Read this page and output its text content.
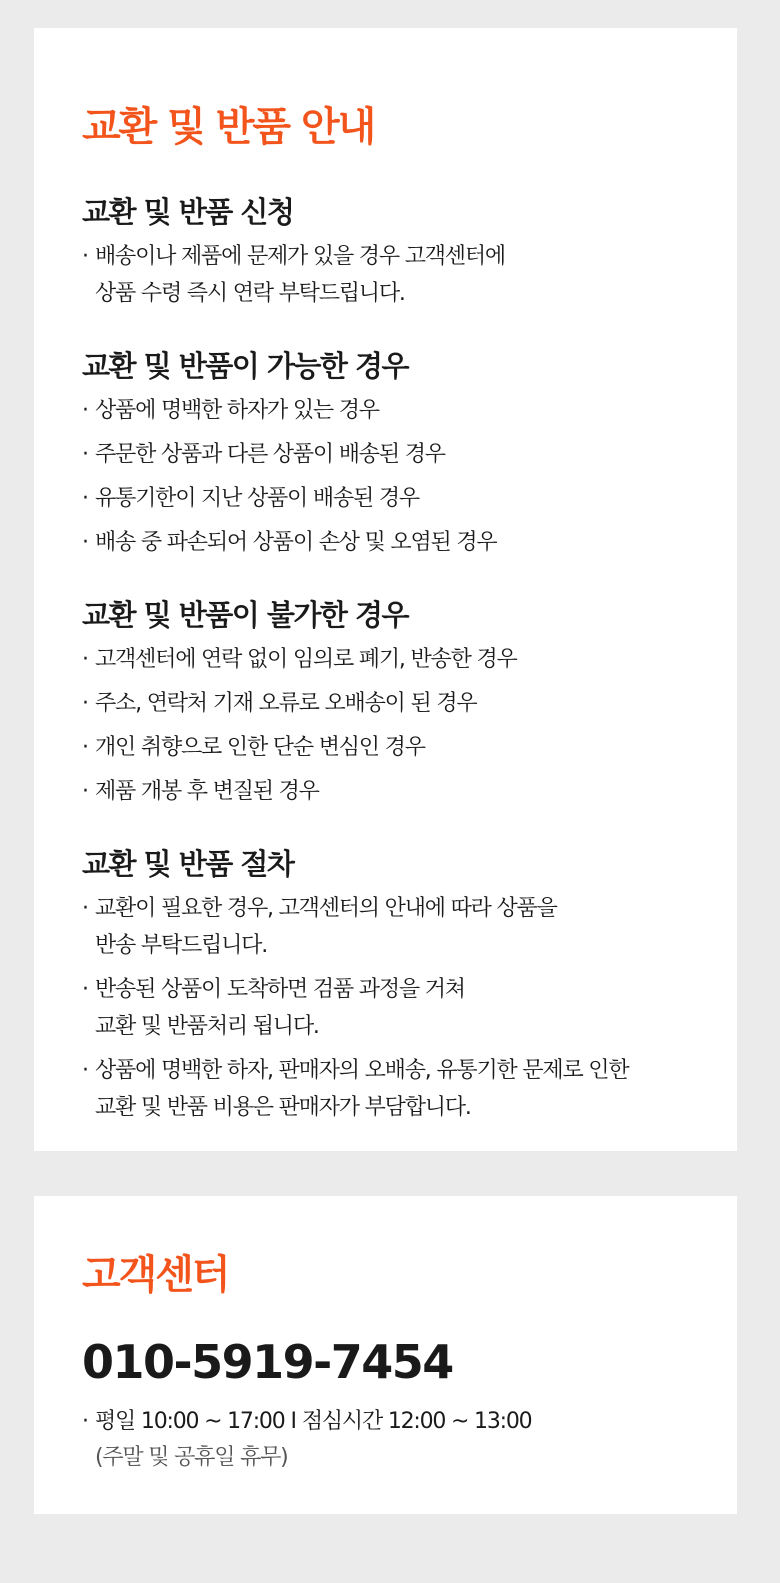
교환 및 반품 안내
교환 및 반품 신청
· 배송이나 제품에 문제가 있을 경우 고객센터에
상품 수령 즉시 연락 부탁드립니다.
교환 및 반품이 가능한 경우
· 상품에 명백한 하자가 있는 경우
· 주문한 상품과 다른 상품이 배송된 경우
· 유통기한이 지난 상품이 배송된 경우
· 배송 중 파손되어 상품이 손상 및 오염된 경우
교환 및 반품이 불가한 경우
· 고객센터에 연락 없이 임의로 폐기, 반송한 경우
· 주소, 연락처 기재 오류로 오배송이 된 경우
· 개인 취향으로 인한 단순 변심인 경우
· 제품 개봉 후 변질된 경우
교환 및 반품 절차
· 교환이 필요한 경우, 고객센터의 안내에 따라 상품을
반송 부탁드립니다.
· 반송된 상품이 도착하면 검품 과정을 거쳐
교환 및 반품처리 됩니다.
· 상품에 명백한 하자, 판매자의 오배송, 유통기한 문제로 인한
교환 및 반품 비용은 판매자가 부담합니다.
고객센터
010-5919-7454
· 평일 10:00 ~ 17:00 I 점심시간 12:00 ~ 13:00
(주말 및 공휴일 휴무)
